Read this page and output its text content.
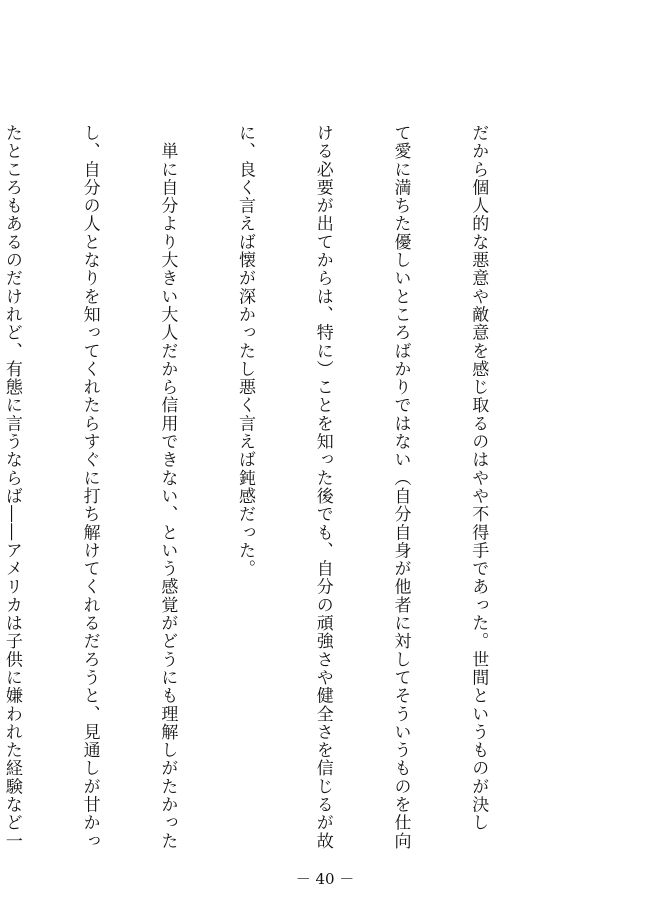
だから個人的な悪意や敵意を感じ取るのはやや不得手であった。世間というものが決し

て愛に満ちた優しいところばかりではない（自分自身が他者に対してそういうものを仕向

ける必要が出てからは、特に）ことを知った後でも、自分の頑強さや健全さを信じるが故

に、良く言えば懐が深かったし悪く言えば鈍感だった。

　単に自分より大きい大人だから信用できない、という感覚がどうにも理解しがたかった

し、自分の人となりを知ってくれたらすぐに打ち解けてくれるだろうと、見通しが甘かっ

たところもあるのだけれど、有態に言うならば――アメリカは子供に嫌われた経験など一

－ 40 －
